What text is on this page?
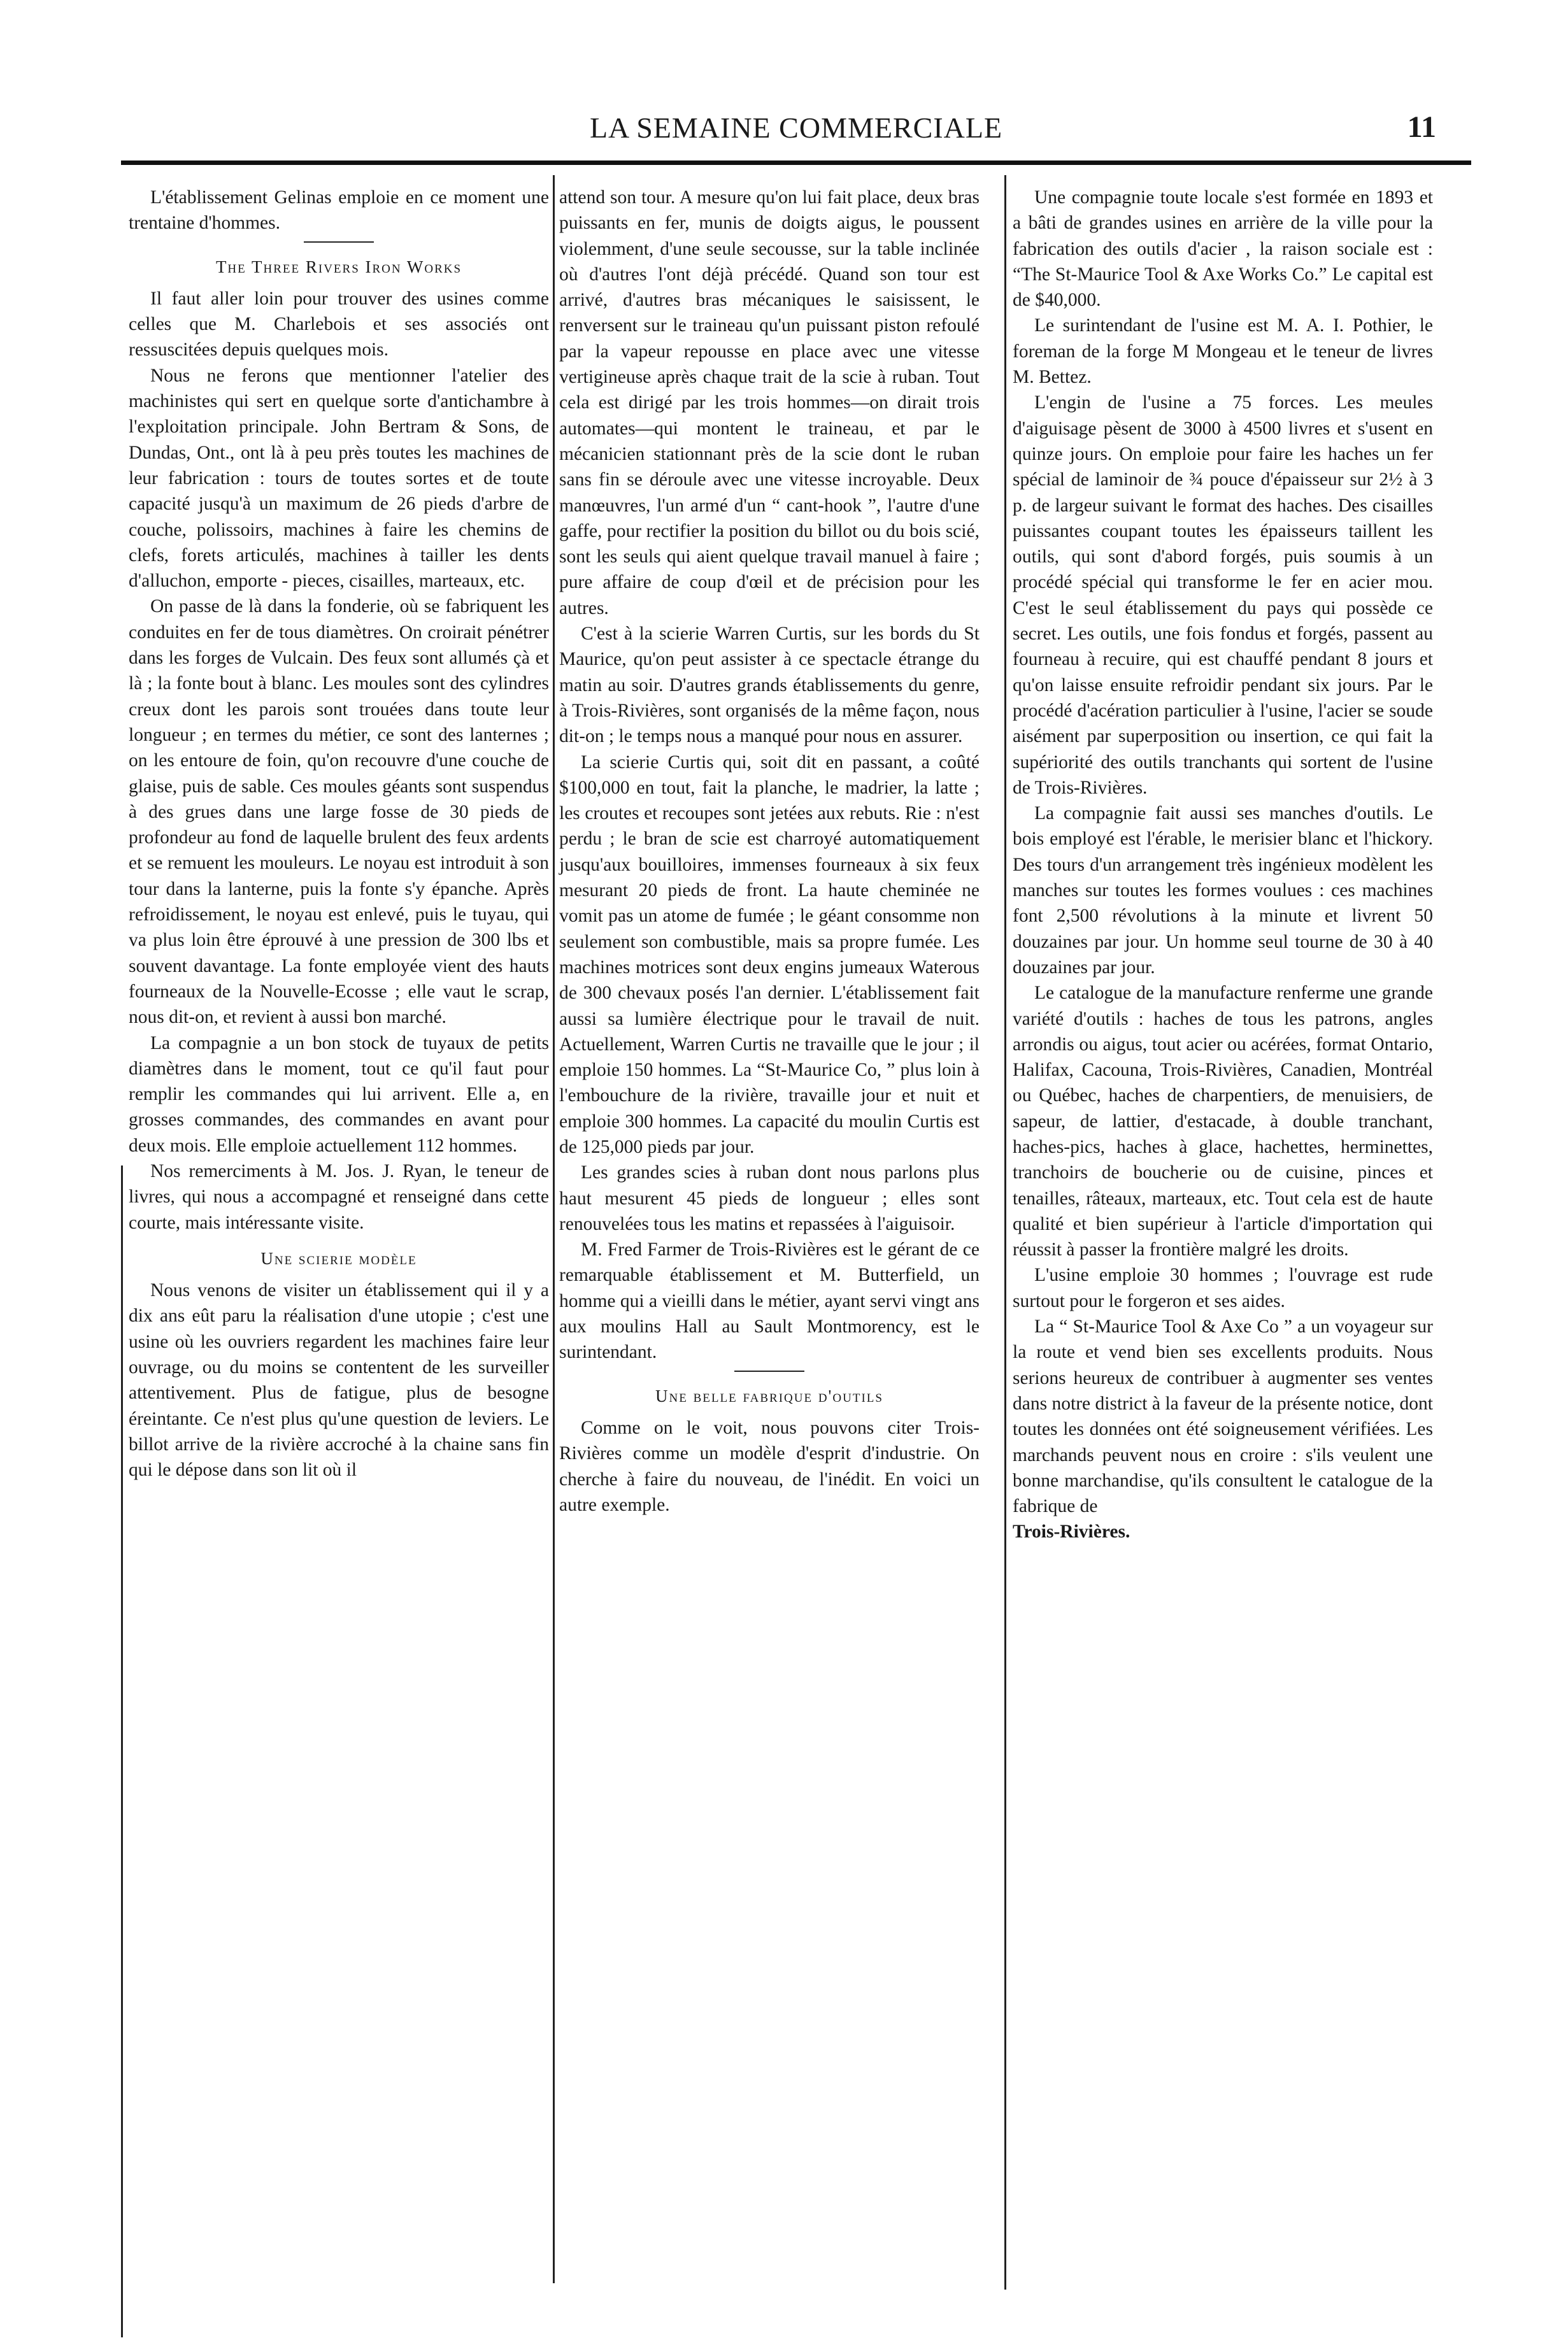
LA SEMAINE COMMERCIALE	11

L'établissement Gelinas emploie en ce moment une trentaine d'hommes.

The Three Rivers Iron Works

Il faut aller loin pour trouver des usines comme celles que M. Charlebois et ses associés ont ressuscitées depuis quelques mois.

Nous ne ferons que mentionner l'atelier des machinistes qui sert en quelque sorte d'antichambre à l'exploitation principale. John Bertram & Sons, de Dundas, Ont., ont là à peu près toutes les machines de leur fabrication : tours de toutes sortes et de toute capacité jusqu'à un maximum de 26 pieds d'arbre de couche, polissoirs, machines à faire les chemins de clefs, forets articulés, machines à tailler les dents d'alluchon, emporte - pieces, cisailles, marteaux, etc.

On passe de là dans la fonderie, où se fabriquent les conduites en fer de tous diamètres. On croirait pénétrer dans les forges de Vulcain. Des feux sont allumés çà et là ; la fonte bout à blanc. Les moules sont des cylindres creux dont les parois sont trouées dans toute leur longueur ; en termes du métier, ce sont des lanternes ; on les entoure de foin, qu'on recouvre d'une couche de glaise, puis de sable. Ces moules géants sont suspendus à des grues dans une large fosse de 30 pieds de profondeur au fond de laquelle brulent des feux ardents et se remuent les mouleurs. Le noyau est introduit à son tour dans la lanterne, puis la fonte s'y épanche. Après refroidissement, le noyau est enlevé, puis le tuyau, qui va plus loin être éprouvé à une pression de 300 lbs et souvent davantage. La fonte employée vient des hauts fourneaux de la Nouvelle-Ecosse ; elle vaut le scrap, nous dit-on, et revient à aussi bon marché.

La compagnie a un bon stock de tuyaux de petits diamètres dans le moment, tout ce qu'il faut pour remplir les commandes qui lui arrivent. Elle a, en grosses commandes, des commandes en avant pour deux mois. Elle emploie actuellement 112 hommes.

Nos remerciments à M. Jos. J. Ryan, le teneur de livres, qui nous a accompagné et renseigné dans cette courte, mais intéressante visite.

Une scierie modèle

Nous venons de visiter un établissement qui il y a dix ans eût paru la réalisation d'une utopie ; c'est une usine où les ouvriers regardent les machines faire leur ouvrage, ou du moins se contentent de les surveiller attentivement. Plus de fatigue, plus de besogne éreintante. Ce n'est plus qu'une question de leviers. Le billot arrive de la rivière accroché à la chaine sans fin qui le dépose dans son lit où il

attend son tour. A mesure qu'on lui fait place, deux bras puissants en fer, munis de doigts aigus, le poussent violemment, d'une seule secousse, sur la table inclinée où d'autres l'ont déjà précédé. Quand son tour est arrivé, d'autres bras mécaniques le saisissent, le renversent sur le traineau qu'un puissant piston refoulé par la vapeur repousse en place avec une vitesse vertigineuse après chaque trait de la scie à ruban. Tout cela est dirigé par les trois hommes—on dirait trois automates—qui montent le traineau, et par le mécanicien stationnant près de la scie dont le ruban sans fin se déroule avec une vitesse incroyable. Deux manœuvres, l'un armé d'un “ cant-hook ”, l'autre d'une gaffe, pour rectifier la position du billot ou du bois scié, sont les seuls qui aient quelque travail manuel à faire ; pure affaire de coup d'œil et de précision pour les autres.

C'est à la scierie Warren Curtis, sur les bords du St Maurice, qu'on peut assister à ce spectacle étrange du matin au soir. D'autres grands établissements du genre, à Trois-Rivières, sont organisés de la même façon, nous dit-on ; le temps nous a manqué pour nous en assurer.

La scierie Curtis qui, soit dit en passant, a coûté $100,000 en tout, fait la planche, le madrier, la latte ; les croutes et recoupes sont jetées aux rebuts. Rie : n'est perdu ; le bran de scie est charroyé automatiquement jusqu'aux bouilloires, immenses fourneaux à six feux mesurant 20 pieds de front. La haute cheminée ne vomit pas un atome de fumée ; le géant consomme non seulement son combustible, mais sa propre fumée. Les machines motrices sont deux engins jumeaux Waterous de 300 chevaux posés l'an dernier. L'établissement fait aussi sa lumière électrique pour le travail de nuit. Actuellement, Warren Curtis ne travaille que le jour ; il emploie 150 hommes. La “St-Maurice Co, ” plus loin à l'embouchure de la rivière, travaille jour et nuit et emploie 300 hommes. La capacité du moulin Curtis est de 125,000 pieds par jour.

Les grandes scies à ruban dont nous parlons plus haut mesurent 45 pieds de longueur ; elles sont renouvelées tous les matins et repassées à l'aiguisoir.

M. Fred Farmer de Trois-Rivières est le gérant de ce remarquable établissement et M. Butterfield, un homme qui a vieilli dans le métier, ayant servi vingt ans aux moulins Hall au Sault Montmorency, est le surintendant.

Une belle fabrique d'outils

Comme on le voit, nous pouvons citer Trois-Rivières comme un modèle d'esprit d'industrie. On cherche à faire du nouveau, de l'inédit. En voici un autre exemple.

Une compagnie toute locale s'est formée en 1893 et a bâti de grandes usines en arrière de la ville pour la fabrication des outils d'acier , la raison sociale est : “The St-Maurice Tool & Axe Works Co.” Le capital est de $40,000.

Le surintendant de l'usine est M. A. I. Pothier, le foreman de la forge M Mongeau et le teneur de livres M. Bettez.

L'engin de l'usine a 75 forces. Les meules d'aiguisage pèsent de 3000 à 4500 livres et s'usent en quinze jours. On emploie pour faire les haches un fer spécial de laminoir de ¾ pouce d'épaisseur sur 2½ à 3 p. de largeur suivant le format des haches. Des cisailles puissantes coupant toutes les épaisseurs taillent les outils, qui sont d'abord forgés, puis soumis à un procédé spécial qui transforme le fer en acier mou. C'est le seul établissement du pays qui possède ce secret. Les outils, une fois fondus et forgés, passent au fourneau à recuire, qui est chauffé pendant 8 jours et qu'on laisse ensuite refroidir pendant six jours. Par le procédé d'acération particulier à l'usine, l'acier se soude aisément par superposition ou insertion, ce qui fait la supériorité des outils tranchants qui sortent de l'usine de Trois-Rivières.

La compagnie fait aussi ses manches d'outils. Le bois employé est l'érable, le merisier blanc et l'hickory. Des tours d'un arrangement très ingénieux modèlent les manches sur toutes les formes voulues : ces machines font 2,500 révolutions à la minute et livrent 50 douzaines par jour. Un homme seul tourne de 30 à 40 douzaines par jour.

Le catalogue de la manufacture renferme une grande variété d'outils : haches de tous les patrons, angles arrondis ou aigus, tout acier ou acérées, format Ontario, Halifax, Cacouna, Trois-Rivières, Canadien, Montréal ou Québec, haches de charpentiers, de menuisiers, de sapeur, de lattier, d'estacade, à double tranchant, haches-pics, haches à glace, hachettes, herminettes, tranchoirs de boucherie ou de cuisine, pinces et tenailles, râteaux, marteaux, etc. Tout cela est de haute qualité et bien supérieur à l'article d'importation qui réussit à passer la frontière malgré les droits.

L'usine emploie 30 hommes ; l'ouvrage est rude surtout pour le forgeron et ses aides.

La “ St-Maurice Tool & Axe Co ” a un voyageur sur la route et vend bien ses excellents produits. Nous serions heureux de contribuer à augmenter ses ventes dans notre district à la faveur de la présente notice, dont toutes les données ont été soigneusement vérifiées. Les marchands peuvent nous en croire : s'ils veulent une bonne marchandise, qu'ils consultent le catalogue de la fabrique de

Trois-Rivières.
